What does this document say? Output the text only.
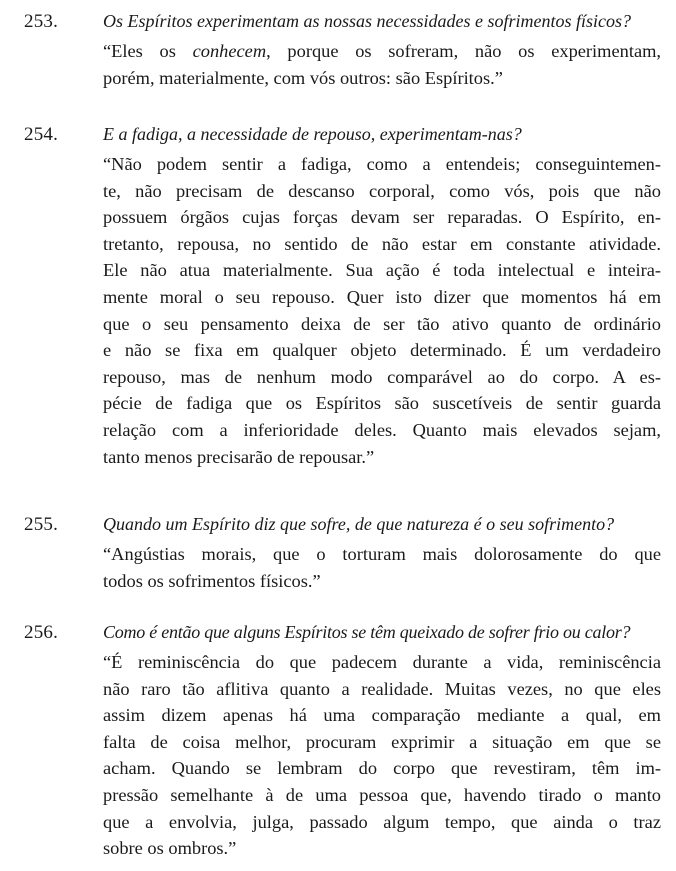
253. Os Espíritos experimentam as nossas necessidades e sofrimentos físicos?
“Eles os conhecem, porque os sofreram, não os experimentam,
porém, materialmente, com vós outros: são Espíritos.”
254. E a fadiga, a necessidade de repouso, experimentam-nas?
“Não podem sentir a fadiga, como a entendeis; conseguintemen-
te, não precisam de descanso corporal, como vós, pois que não
possuem órgãos cujas forças devam ser reparadas. O Espírito, en-
tretanto, repousa, no sentido de não estar em constante atividade.
Ele não atua materialmente. Sua ação é toda intelectual e inteira-
mente moral o seu repouso. Quer isto dizer que momentos há em
que o seu pensamento deixa de ser tão ativo quanto de ordinário
e não se fixa em qualquer objeto determinado. É um verdadeiro
repouso, mas de nenhum modo comparável ao do corpo. A es-
pécie de fadiga que os Espíritos são suscetíveis de sentir guarda
relação com a inferioridade deles. Quanto mais elevados sejam,
tanto menos precisarão de repousar.”
255. Quando um Espírito diz que sofre, de que natureza é o seu sofrimento?
“Angústias morais, que o torturam mais dolorosamente do que
todos os sofrimentos físicos.”
256. Como é então que alguns Espíritos se têm queixado de sofrer frio ou calor?
“É reminiscência do que padecem durante a vida, reminiscência
não raro tão aflitiva quanto a realidade. Muitas vezes, no que eles
assim dizem apenas há uma comparação mediante a qual, em
falta de coisa melhor, procuram exprimir a situação em que se
acham. Quando se lembram do corpo que revestiram, têm im-
pressão semelhante à de uma pessoa que, havendo tirado o manto
que a envolvia, julga, passado algum tempo, que ainda o traz
sobre os ombros.”
